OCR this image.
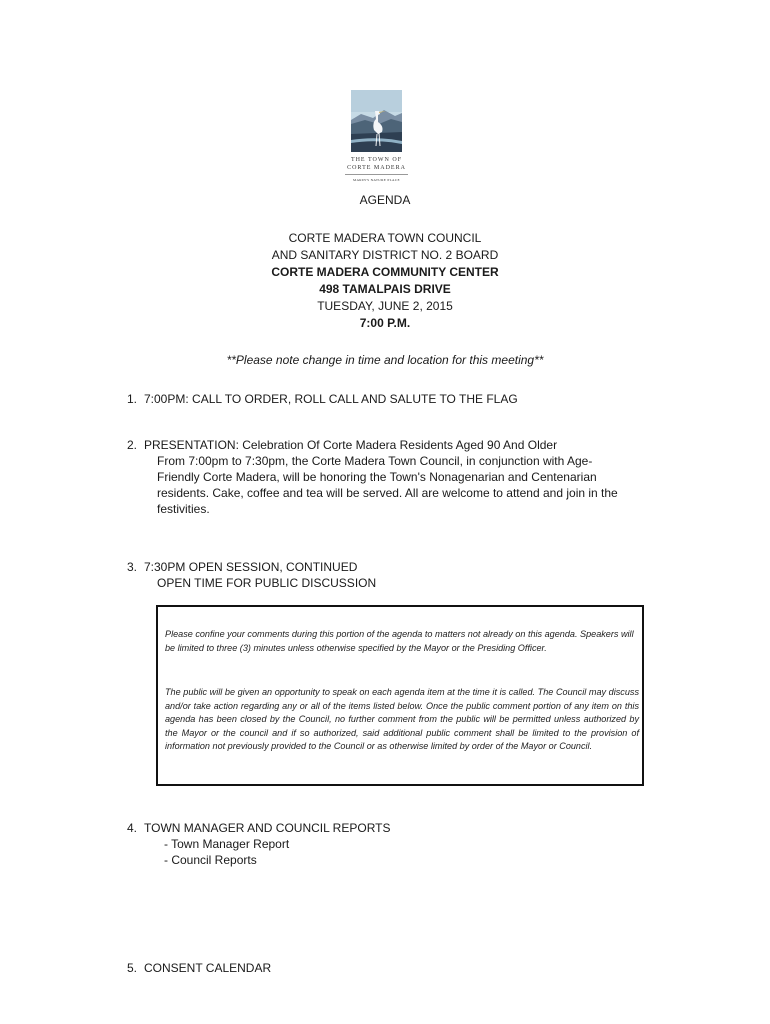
THE TOWN OF
CORTE MADERA
MARIN'S NATURE PLACE
AGENDA
CORTE MADERA TOWN COUNCIL
AND SANITARY DISTRICT NO. 2 BOARD
CORTE MADERA COMMUNITY CENTER
498 TAMALPAIS DRIVE
TUESDAY, JUNE 2, 2015
7:00 P.M.
**Please note change in time and location for this meeting**
1. 7:00PM: CALL TO ORDER, ROLL CALL AND SALUTE TO THE FLAG
2. PRESENTATION: Celebration Of Corte Madera Residents Aged 90 And Older
From 7:00pm to 7:30pm, the Corte Madera Town Council, in conjunction with Age-
Friendly Corte Madera, will be honoring the Town's Nonagenarian and Centenarian
residents. Cake, coffee and tea will be served. All are welcome to attend and join in the
festivities.
3. 7:30PM OPEN SESSION, CONTINUED
OPEN TIME FOR PUBLIC DISCUSSION

Please confine your comments during this portion of the agenda to matters not already on this agenda. Speakers will be limited to three (3) minutes unless otherwise specified by the Mayor or the Presiding Officer.

The public will be given an opportunity to speak on each agenda item at the time it is called. The Council may discuss and/or take action regarding any or all of the items listed below. Once the public comment portion of any item on this agenda has been closed by the Council, no further comment from the public will be permitted unless authorized by the Mayor or the council and if so authorized, said additional public comment shall be limited to the provision of information not previously provided to the Council or as otherwise limited by order of the Mayor or Council.

4. TOWN MANAGER AND COUNCIL REPORTS
- Town Manager Report
- Council Reports
5. CONSENT CALENDAR
